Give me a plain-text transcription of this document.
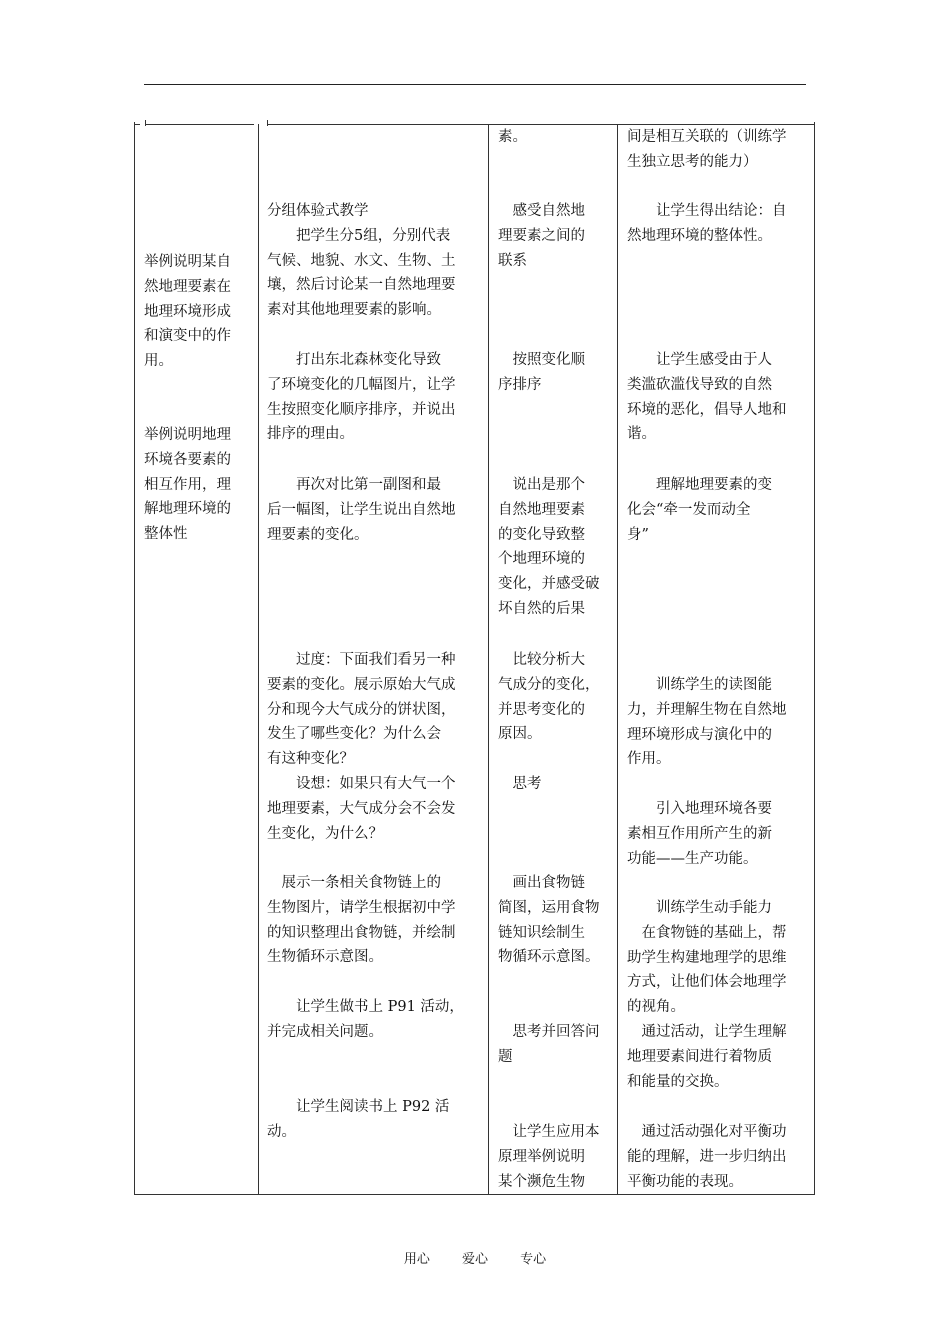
举例说明某自
然地理要素在
地理环境形成
和演变中的作
用。
举例说明地理
环境各要素的
相互作用，理
解地理环境的
整体性
分组体验式教学
　　把学生分5组，分别代表
气候、地貌、水文、生物、土
壤，然后讨论某一自然地理要
素对其他地理要素的影响。
　　打出东北森林变化导致
了环境变化的几幅图片，让学
生按照变化顺序排序，并说出
排序的理由。
　　再次对比第一副图和最
后一幅图，让学生说出自然地
理要素的变化。
　　过度：下面我们看另一种
要素的变化。展示原始大气成
分和现今大气成分的饼状图，
发生了哪些变化？为什么会
有这种变化？
　　设想：如果只有大气一个
地理要素，大气成分会不会发
生变化，为什么？
　展示一条相关食物链上的
生物图片，请学生根据初中学
的知识整理出食物链，并绘制
生物循环示意图。
　　让学生做书上 P91 活动，
并完成相关问题。
　　让学生阅读书上 P92 活
动。
素。
　感受自然地
理要素之间的
联系
　按照变化顺
序排序
　说出是那个
自然地理要素
的变化导致整
个地理环境的
变化，并感受破
坏自然的后果
　比较分析大
气成分的变化，
并思考变化的
原因。
　思考
　画出食物链
简图，运用食物
链知识绘制生
物循环示意图。
　思考并回答问
题
　让学生应用本
原理举例说明
某个濒危生物
间是相互关联的（训练学
生独立思考的能力）
　　让学生得出结论：自
然地理环境的整体性。
　　让学生感受由于人
类滥砍滥伐导致的自然
环境的恶化，倡导人地和
谐。
　　理解地理要素的变
化会“牵一发而动全
身”
　　训练学生的读图能
力，并理解生物在自然地
理环境形成与演化中的
作用。
　　引入地理环境各要
素相互作用所产生的新
功能——生产功能。
　　训练学生动手能力
　在食物链的基础上，帮
助学生构建地理学的思维
方式，让他们体会地理学
的视角。
　通过活动，让学生理解
地理要素间进行着物质
和能量的交换。
　通过活动强化对平衡功
能的理解，进一步归纳出
平衡功能的表现。
用心 爱心 专心
